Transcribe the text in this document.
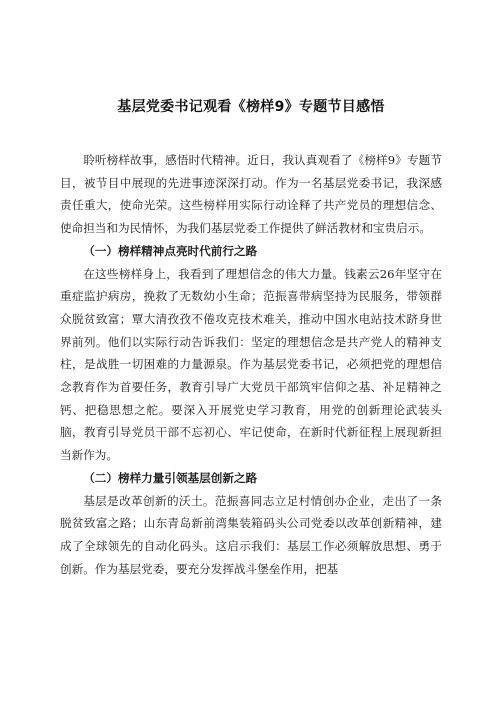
基层党委书记观看《榜样9》专题节目感悟

聆听榜样故事，感悟时代精神。近日，我认真观看了《榜样9》专题节目，被节目中展现的先进事迹深深打动。作为一名基层党委书记，我深感责任重大，使命光荣。这些榜样用实际行动诠释了共产党员的理想信念、使命担当和为民情怀，为我们基层党委工作提供了鲜活教材和宝贵启示。

（一）榜样精神点亮时代前行之路

在这些榜样身上，我看到了理想信念的伟大力量。钱素云26年坚守在重症监护病房，挽救了无数幼小生命；范振喜带病坚持为民服务，带领群众脱贫致富；覃大清孜孜不倦攻克技术难关，推动中国水电站技术跻身世界前列。他们以实际行动告诉我们：坚定的理想信念是共产党人的精神支柱，是战胜一切困难的力量源泉。作为基层党委书记，必须把党的理想信念教育作为首要任务，教育引导广大党员干部筑牢信仰之基、补足精神之钙、把稳思想之舵。要深入开展党史学习教育，用党的创新理论武装头脑，教育引导党员干部不忘初心、牢记使命，在新时代新征程上展现新担当新作为。

（二）榜样力量引领基层创新之路

基层是改革创新的沃土。范振喜同志立足村情创办企业，走出了一条脱贫致富之路；山东青岛新前湾集装箱码头公司党委以改革创新精神，建成了全球领先的自动化码头。这启示我们：基层工作必须解放思想、勇于创新。作为基层党委，要充分发挥战斗堡垒作用，把基
